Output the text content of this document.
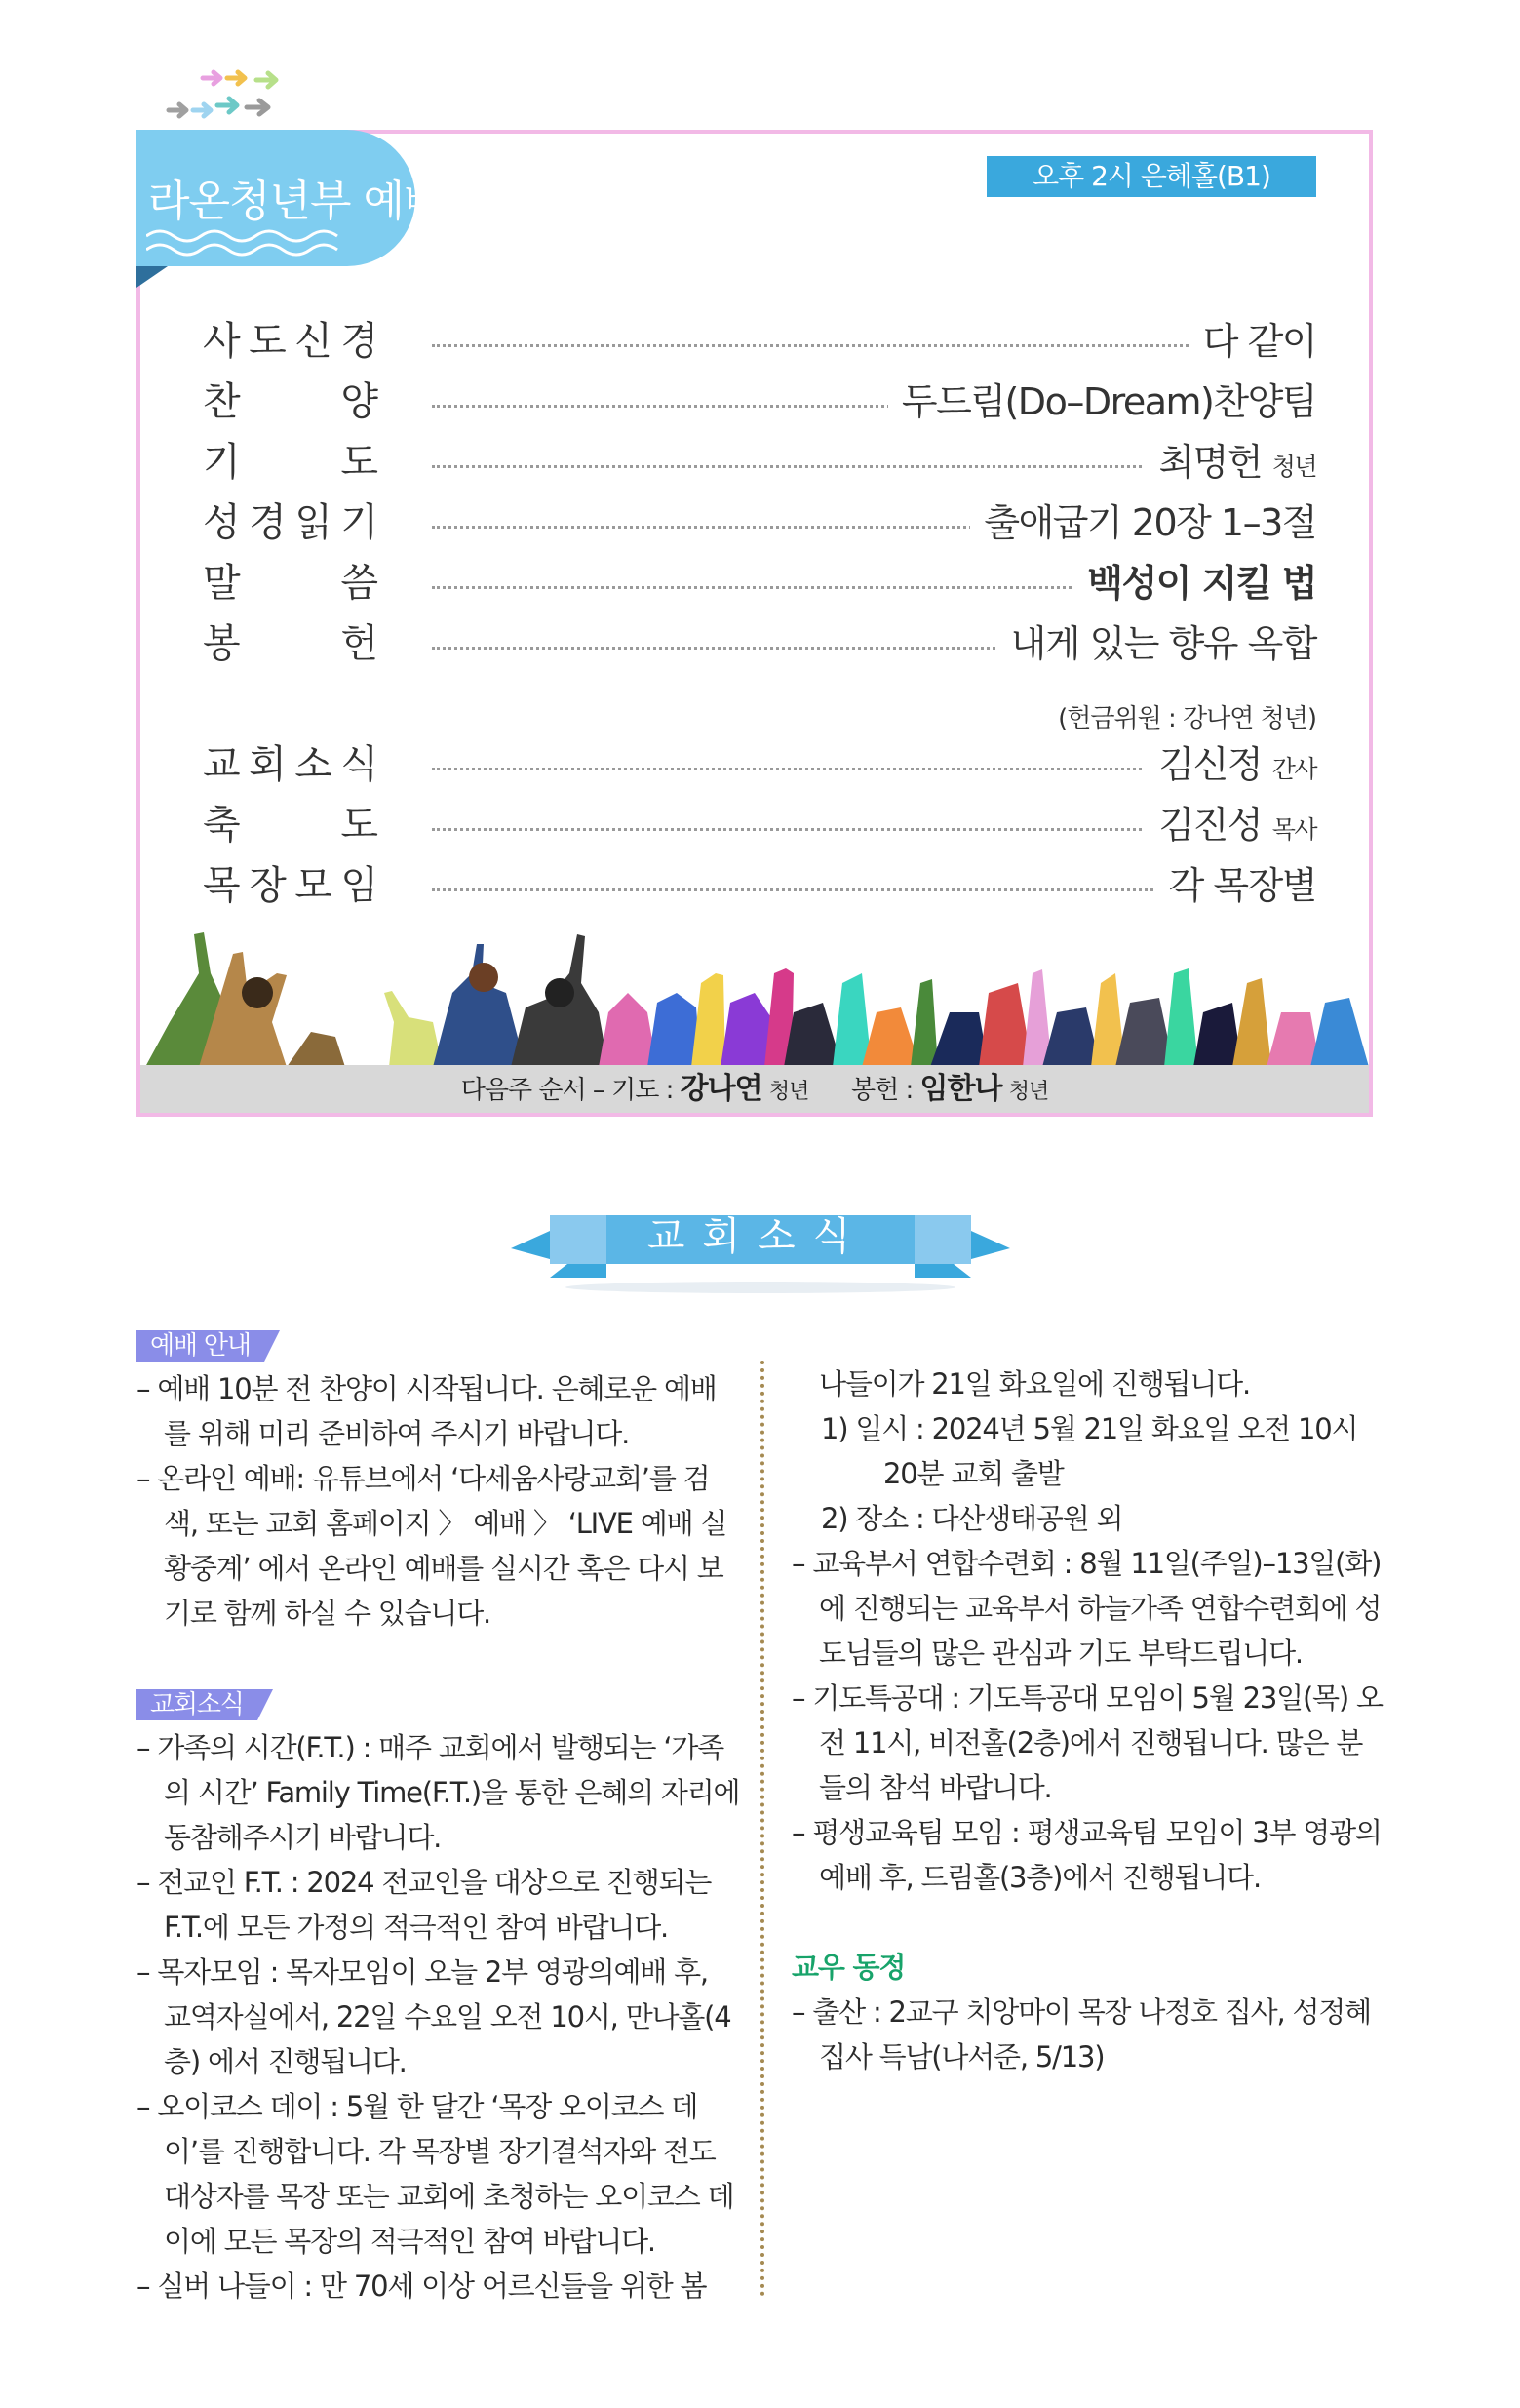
라온청년부 예배
오후 2시 은혜홀(B1)
사 도 신 경	다 같이
찬	양	두드림(Do–Dream)찬양팀
기	도	최명헌 청년
성 경 읽 기	출애굽기 20장 1–3절
말	씀	백성이 지킬 법
봉	헌	내게 있는 향유 옥합
(헌금위원 : 강나연 청년)
교 회 소 식	김신정 간사
축	도	김진성 목사
목 장 모 임	각 목장별
다음주 순서 – 기도 : 강나연 청년 봉헌 : 임한나 청년
교회소식
예배 안내
– 예배 10분 전 찬양이 시작됩니다. 은혜로운 예배를 위해 미리 준비하여 주시기 바랍니다.
– 온라인 예배: 유튜브에서 ‘다세움사랑교회’를 검색, 또는 교회 홈페이지 〉 예배 〉 ‘LIVE 예배 실황중계’ 에서 온라인 예배를 실시간 혹은 다시 보기로 함께 하실 수 있습니다.
교회소식
– 가족의 시간(F.T.) : 매주 교회에서 발행되는 ‘가족의 시간’ Family Time(F.T.)을 통한 은혜의 자리에 동참해주시기 바랍니다.
– 전교인 F.T. : 2024 전교인을 대상으로 진행되는 F.T.에 모든 가정의 적극적인 참여 바랍니다.
– 목자모임 : 목자모임이 오늘 2부 영광의예배 후, 교역자실에서, 22일 수요일 오전 10시, 만나홀(4층) 에서 진행됩니다.
– 오이코스 데이 : 5월 한 달간 ‘목장 오이코스 데이’를 진행합니다. 각 목장별 장기결석자와 전도 대상자를 목장 또는 교회에 초청하는 오이코스 데이에 모든 목장의 적극적인 참여 바랍니다.
– 실버 나들이 : 만 70세 이상 어르신들을 위한 봄
나들이가 21일 화요일에 진행됩니다.
1) 일시 : 2024년 5월 21일 화요일 오전 10시 20분 교회 출발
2) 장소 : 다산생태공원 외
– 교육부서 연합수련회 : 8월 11일(주일)–13일(화)에 진행되는 교육부서 하늘가족 연합수련회에 성도님들의 많은 관심과 기도 부탁드립니다.
– 기도특공대 : 기도특공대 모임이 5월 23일(목) 오전 11시, 비전홀(2층)에서 진행됩니다. 많은 분들의 참석 바랍니다.
– 평생교육팀 모임 : 평생교육팀 모임이 3부 영광의 예배 후, 드림홀(3층)에서 진행됩니다.
교우 동정
– 출산 : 2교구 치앙마이 목장 나정호 집사, 성정혜 집사 득남(나서준, 5/13)
